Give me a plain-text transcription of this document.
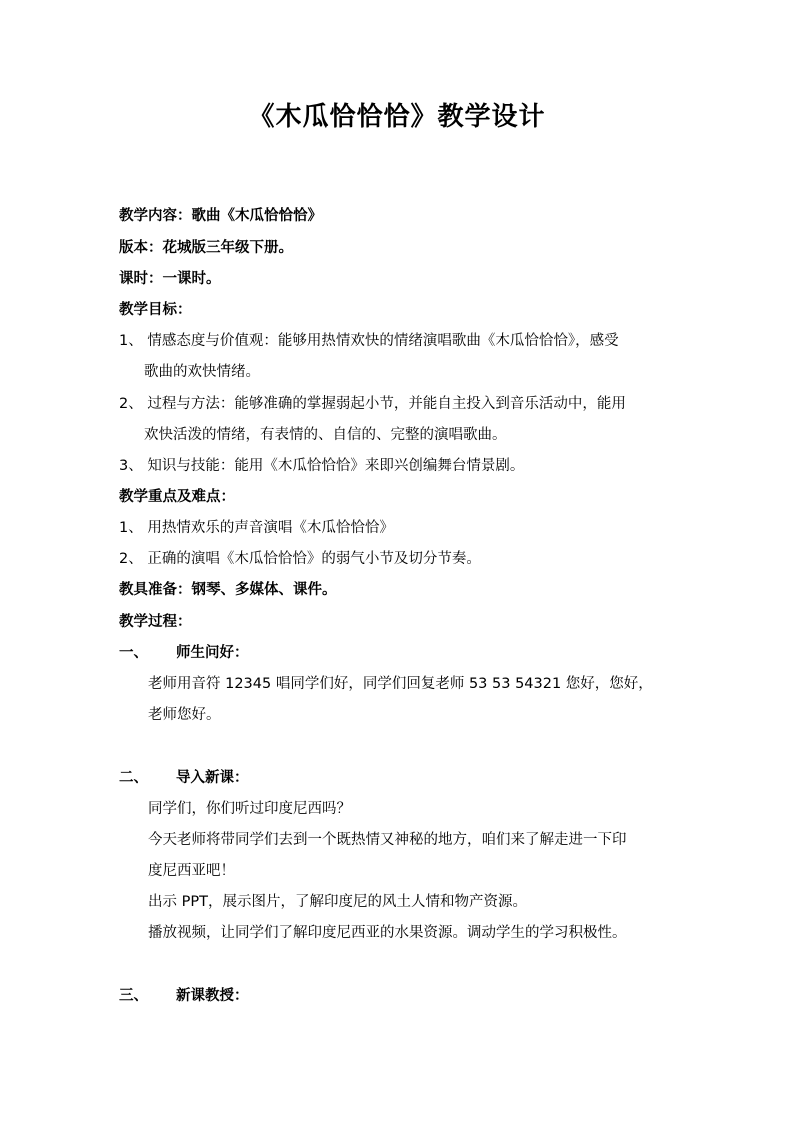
《木瓜恰恰恰》教学设计
教学内容：歌曲《木瓜恰恰恰》
版本：花城版三年级下册。
课时：一课时。
教学目标：
1、 情感态度与价值观：能够用热情欢快的情绪演唱歌曲《木瓜恰恰恰》，感受
歌曲的欢快情绪。
2、 过程与方法：能够准确的掌握弱起小节，并能自主投入到音乐活动中，能用
欢快活泼的情绪，有表情的、自信的、完整的演唱歌曲。
3、 知识与技能：能用《木瓜恰恰恰》来即兴创编舞台情景剧。
教学重点及难点：
1、 用热情欢乐的声音演唱《木瓜恰恰恰》
2、 正确的演唱《木瓜恰恰恰》的弱气小节及切分节奏。
教具准备：钢琴、多媒体、课件。
教学过程：
一、 师生问好：
老师用音符 12345 唱同学们好，同学们回复老师 53 53 54321 您好，您好，
老师您好。
二、 导入新课：
同学们，你们听过印度尼西吗？
今天老师将带同学们去到一个既热情又神秘的地方，咱们来了解走进一下印
度尼西亚吧！
出示 PPT，展示图片，了解印度尼的风土人情和物产资源。
播放视频，让同学们了解印度尼西亚的水果资源。调动学生的学习积极性。
三、 新课教授：
